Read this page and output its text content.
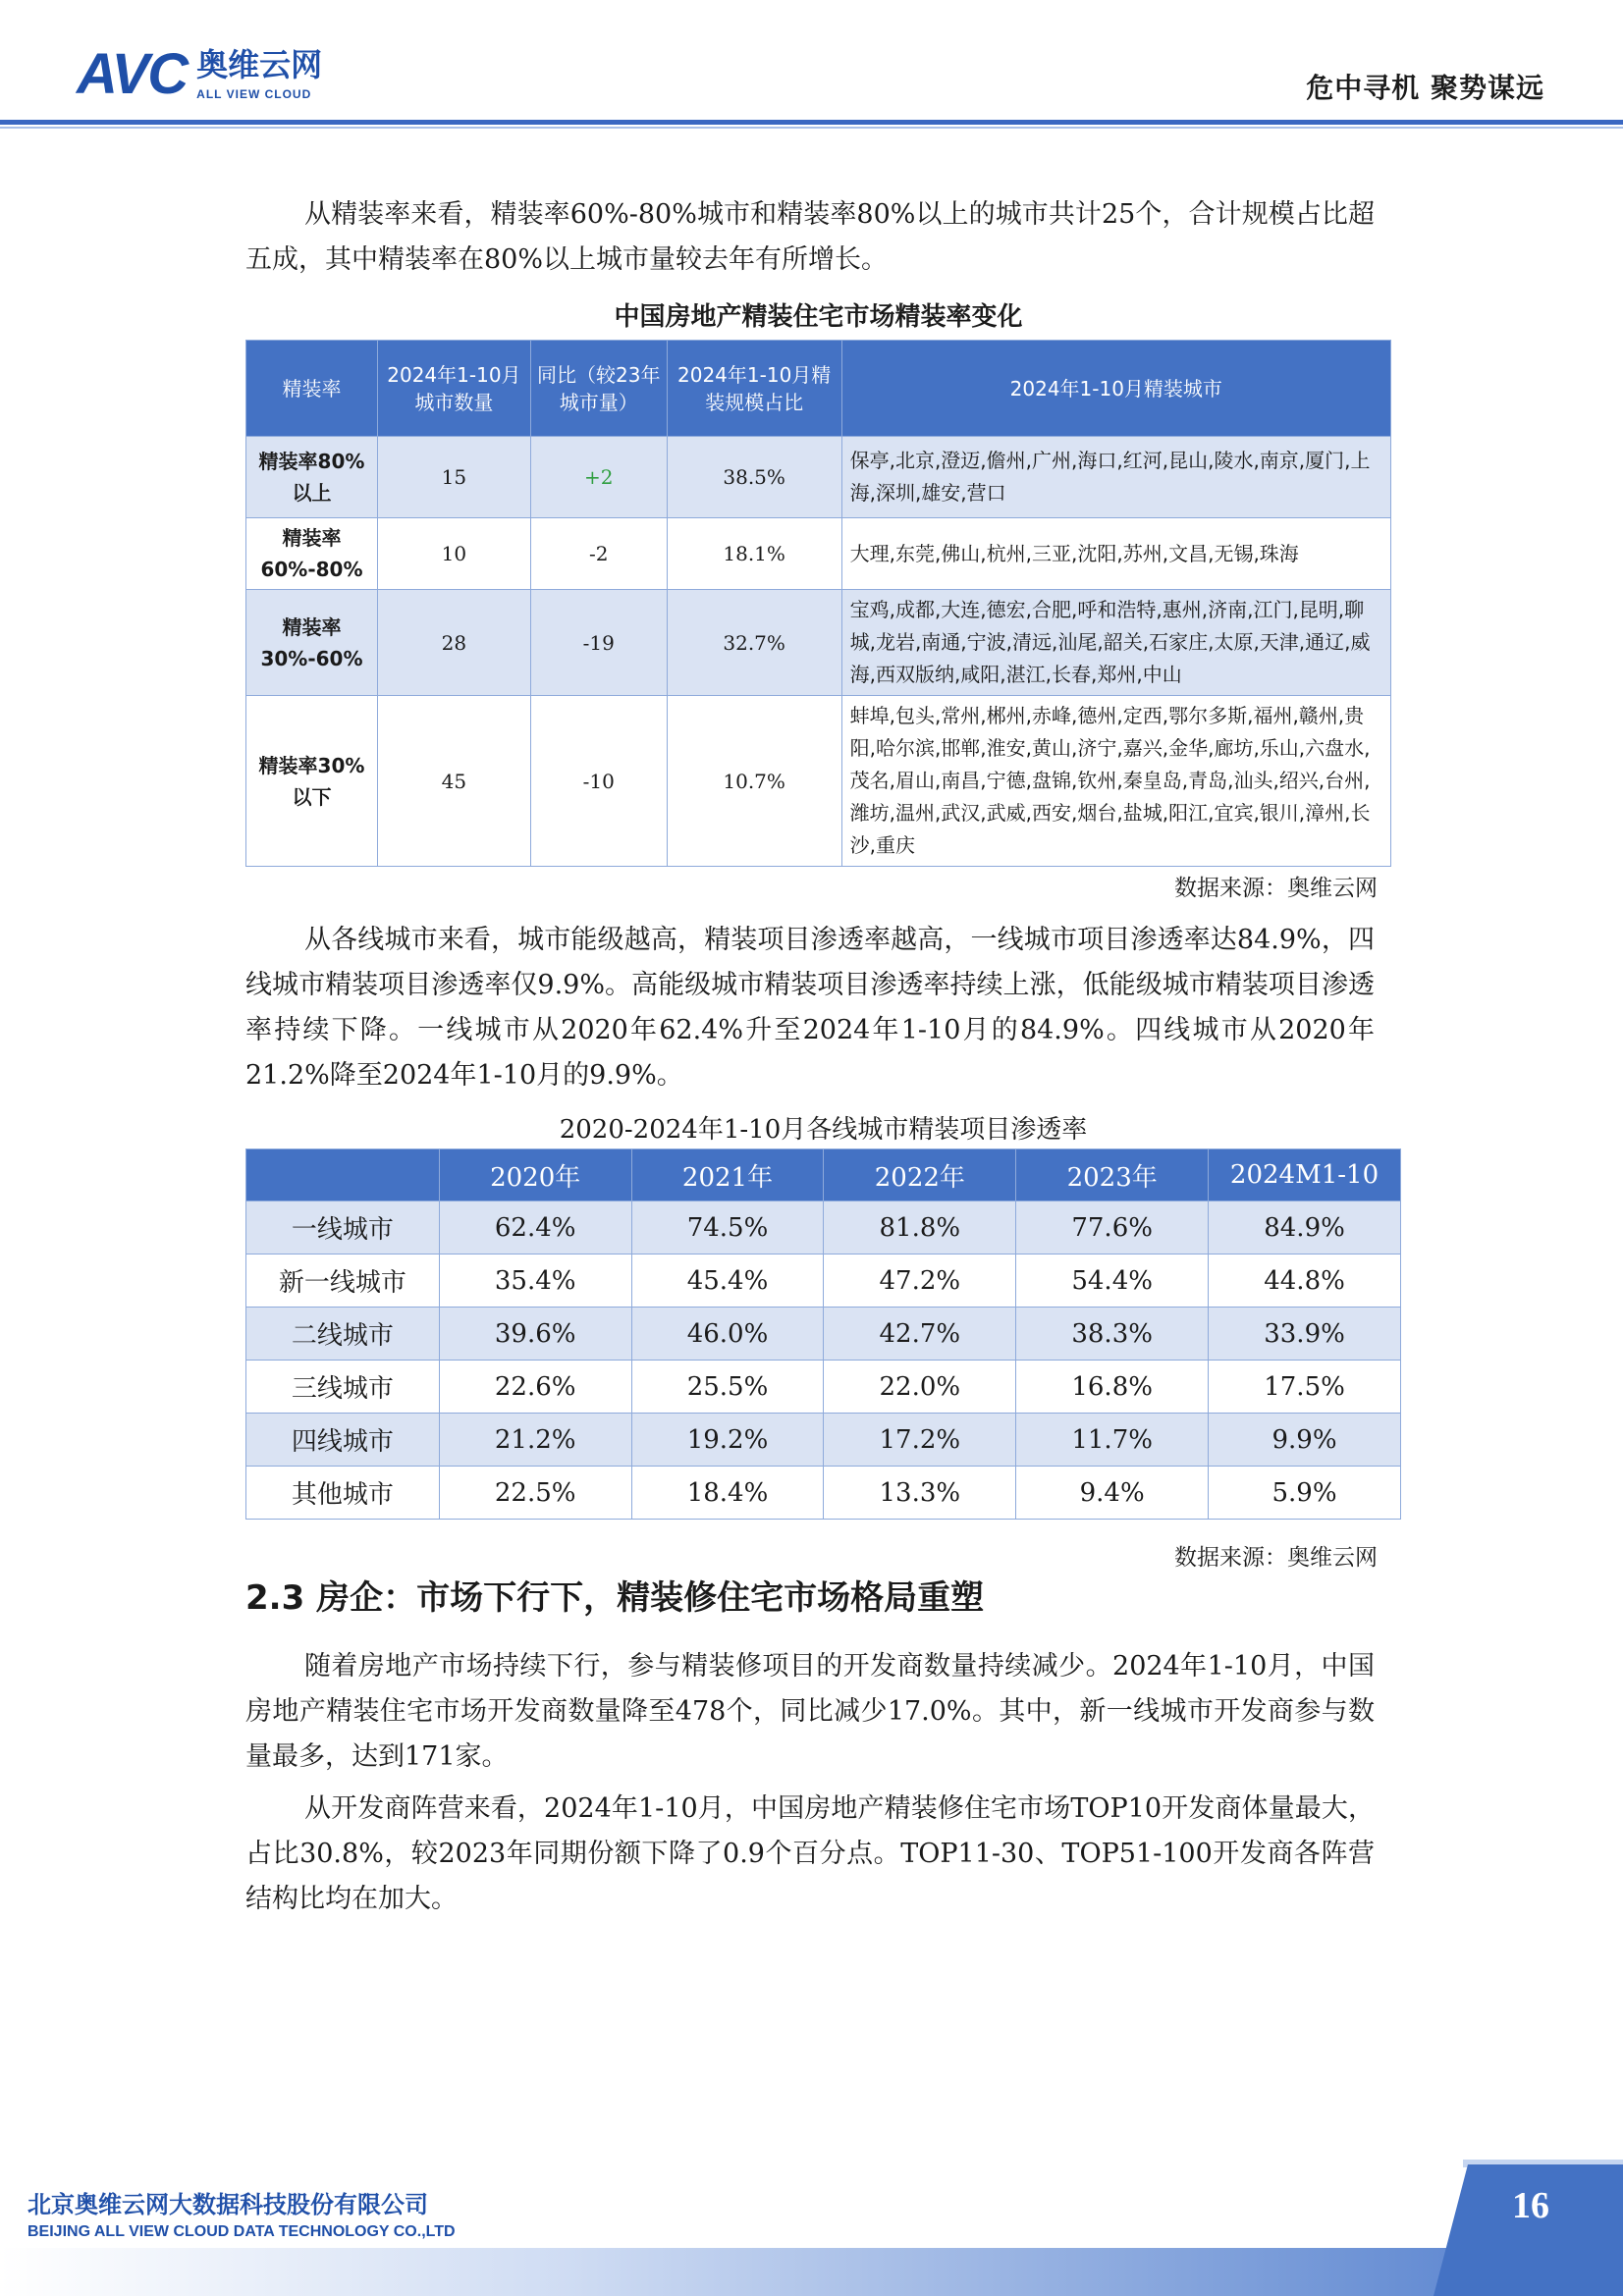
AVC 奥维云网
ALL VIEW CLOUD	危中寻机 聚势谋远

从精装率来看，精装率60%-80%城市和精装率80%以上的城市共计25个，合计规模占比超五成，其中精装率在80%以上城市量较去年有所增长。

中国房地产精装住宅市场精装率变化
精装率	2024年1-10月城市数量	同比（较23年城市量）	2024年1-10月精装规模占比	2024年1-10月精装城市
精装率80%以上	15	+2	38.5%	保亭,北京,澄迈,儋州,广州,海口,红河,昆山,陵水,南京,厦门,上海,深圳,雄安,营口
精装率60%-80%	10	-2	18.1%	大理,东莞,佛山,杭州,三亚,沈阳,苏州,文昌,无锡,珠海
精装率30%-60%	28	-19	32.7%	宝鸡,成都,大连,德宏,合肥,呼和浩特,惠州,济南,江门,昆明,聊城,龙岩,南通,宁波,清远,汕尾,韶关,石家庄,太原,天津,通辽,威海,西双版纳,咸阳,湛江,长春,郑州,中山
精装率30%以下	45	-10	10.7%	蚌埠,包头,常州,郴州,赤峰,德州,定西,鄂尔多斯,福州,赣州,贵阳,哈尔滨,邯郸,淮安,黄山,济宁,嘉兴,金华,廊坊,乐山,六盘水,茂名,眉山,南昌,宁德,盘锦,钦州,秦皇岛,青岛,汕头,绍兴,台州,潍坊,温州,武汉,武威,西安,烟台,盐城,阳江,宜宾,银川,漳州,长沙,重庆
数据来源：奥维云网

从各线城市来看，城市能级越高，精装项目渗透率越高，一线城市项目渗透率达84.9%，四线城市精装项目渗透率仅9.9%。高能级城市精装项目渗透率持续上涨，低能级城市精装项目渗透率持续下降。一线城市从2020年62.4%升至2024年1-10月的84.9%。四线城市从2020年21.2%降至2024年1-10月的9.9%。

2020-2024年1-10月各线城市精装项目渗透率
	2020年	2021年	2022年	2023年	2024M1-10
一线城市	62.4%	74.5%	81.8%	77.6%	84.9%
新一线城市	35.4%	45.4%	47.2%	54.4%	44.8%
二线城市	39.6%	46.0%	42.7%	38.3%	33.9%
三线城市	22.6%	25.5%	22.0%	16.8%	17.5%
四线城市	21.2%	19.2%	17.2%	11.7%	9.9%
其他城市	22.5%	18.4%	13.3%	9.4%	5.9%
数据来源：奥维云网
2.3 房企：市场下行下，精装修住宅市场格局重塑

随着房地产市场持续下行，参与精装修项目的开发商数量持续减少。2024年1-10月，中国房地产精装住宅市场开发商数量降至478个，同比减少17.0%。其中，新一线城市开发商参与数量最多，达到171家。

从开发商阵营来看，2024年1-10月，中国房地产精装修住宅市场TOP10开发商体量最大，占比30.8%，较2023年同期份额下降了0.9个百分点。TOP11-30、TOP51-100开发商各阵营结构比均在加大。

16
北京奥维云网大数据科技股份有限公司
BEIJING ALL VIEW CLOUD DATA TECHNOLOGY CO.,LTD
